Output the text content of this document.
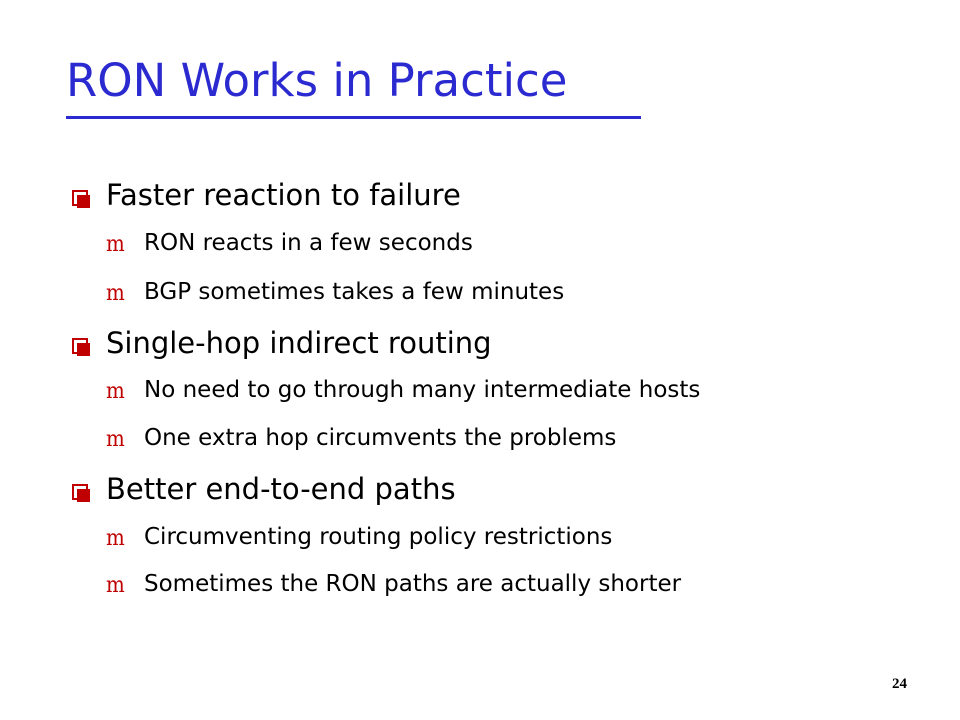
RON Works in Practice
Faster reaction to failure
m RON reacts in a few seconds
m BGP sometimes takes a few minutes
Single-hop indirect routing
m No need to go through many intermediate hosts
m One extra hop circumvents the problems
Better end-to-end paths
m Circumventing routing policy restrictions
m Sometimes the RON paths are actually shorter
24
